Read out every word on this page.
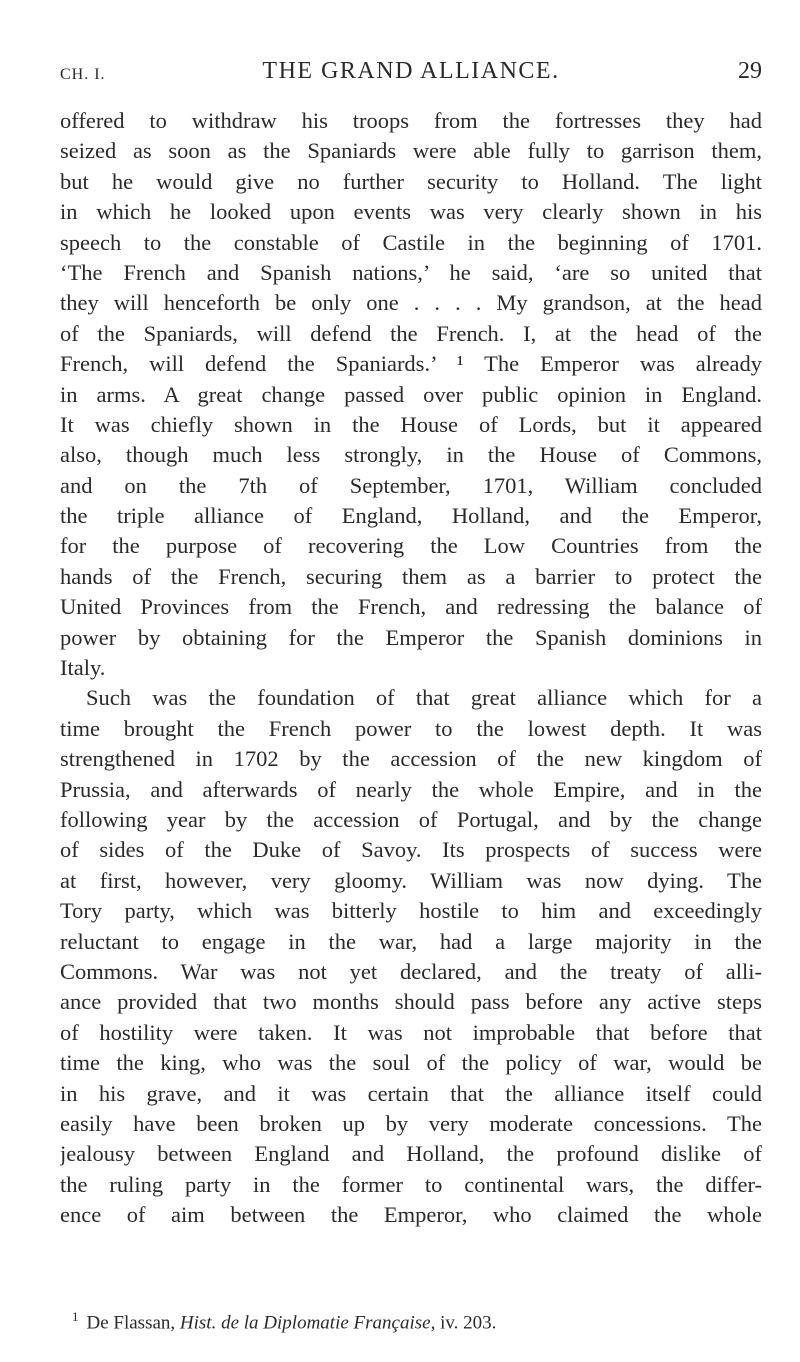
CH. I.	THE GRAND ALLIANCE.	29
offered to withdraw his troops from the fortresses they had
seized as soon as the Spaniards were able fully to garrison them,
but he would give no further security to Holland. The light
in which he looked upon events was very clearly shown in his
speech to the constable of Castile in the beginning of 1701.
‘The French and Spanish nations,’ he said, ‘are so united that
they will henceforth be only one . . . . My grandson, at the head
of the Spaniards, will defend the French. I, at the head of the
French, will defend the Spaniards.’ ¹ The Emperor was already
in arms. A great change passed over public opinion in England.
It was chiefly shown in the House of Lords, but it appeared
also, though much less strongly, in the House of Commons,
and on the 7th of September, 1701, William concluded
the triple alliance of England, Holland, and the Emperor,
for the purpose of recovering the Low Countries from the
hands of the French, securing them as a barrier to protect the
United Provinces from the French, and redressing the balance of
power by obtaining for the Emperor the Spanish dominions in
Italy.
Such was the foundation of that great alliance which for a
time brought the French power to the lowest depth. It was
strengthened in 1702 by the accession of the new kingdom of
Prussia, and afterwards of nearly the whole Empire, and in the
following year by the accession of Portugal, and by the change
of sides of the Duke of Savoy. Its prospects of success were
at first, however, very gloomy. William was now dying. The
Tory party, which was bitterly hostile to him and exceedingly
reluctant to engage in the war, had a large majority in the
Commons. War was not yet declared, and the treaty of alli-
ance provided that two months should pass before any active steps
of hostility were taken. It was not improbable that before that
time the king, who was the soul of the policy of war, would be
in his grave, and it was certain that the alliance itself could
easily have been broken up by very moderate concessions. The
jealousy between England and Holland, the profound dislike of
the ruling party in the former to continental wars, the differ-
ence of aim between the Emperor, who claimed the whole
$^1$ De Flassan, Hist. de la Diplomatie Française, iv. 203.
